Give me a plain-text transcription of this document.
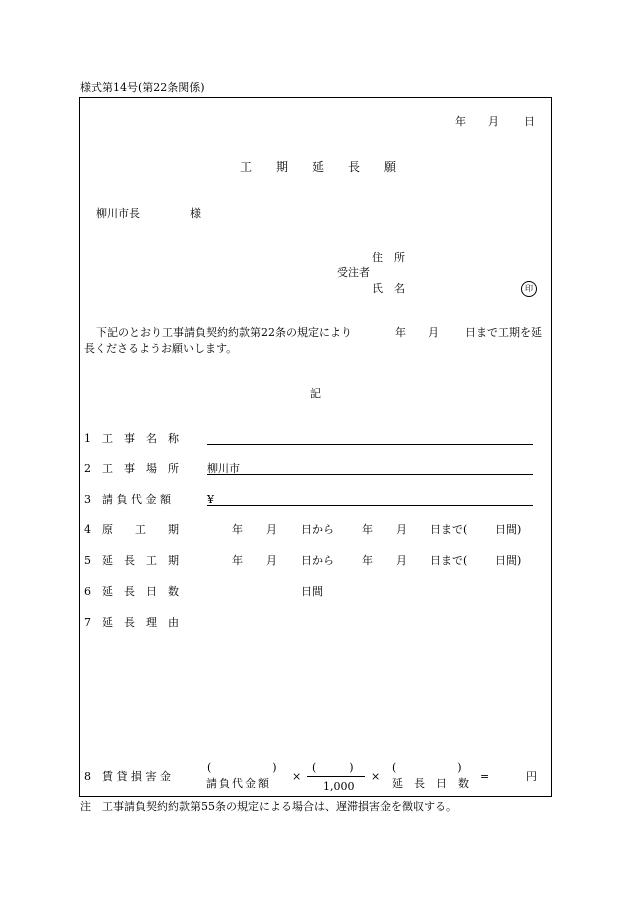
様式第14号(第22条関係)
年 月 日
工　　期　　延　　長　　願
柳川市長	様
住　所
受注者
氏　名	印
下記のとおり工事請負契約約款第22条の規定により	年 月 日まで工期を延
長くださるようお願いします。
記
1 工　事　名　称
2 工　事　場　所	柳川市
3 請 負 代 金 額	¥
4 原　　工　　期	年 月 日から	年 月 日まで(	日間)
5 延　長　工　期	年 月 日から	年 月 日まで(	日間)
6 延　長　日　数	日間
7 延　長　理　由
8 賃 貸 損 害 金
(　　　　　)
請負代金額
×
(　　　)
1,000
×
(　　　　　)
延　長　日　数
=	円
注　工事請負契約約款第55条の規定による場合は、遅滞損害金を徴収する。
